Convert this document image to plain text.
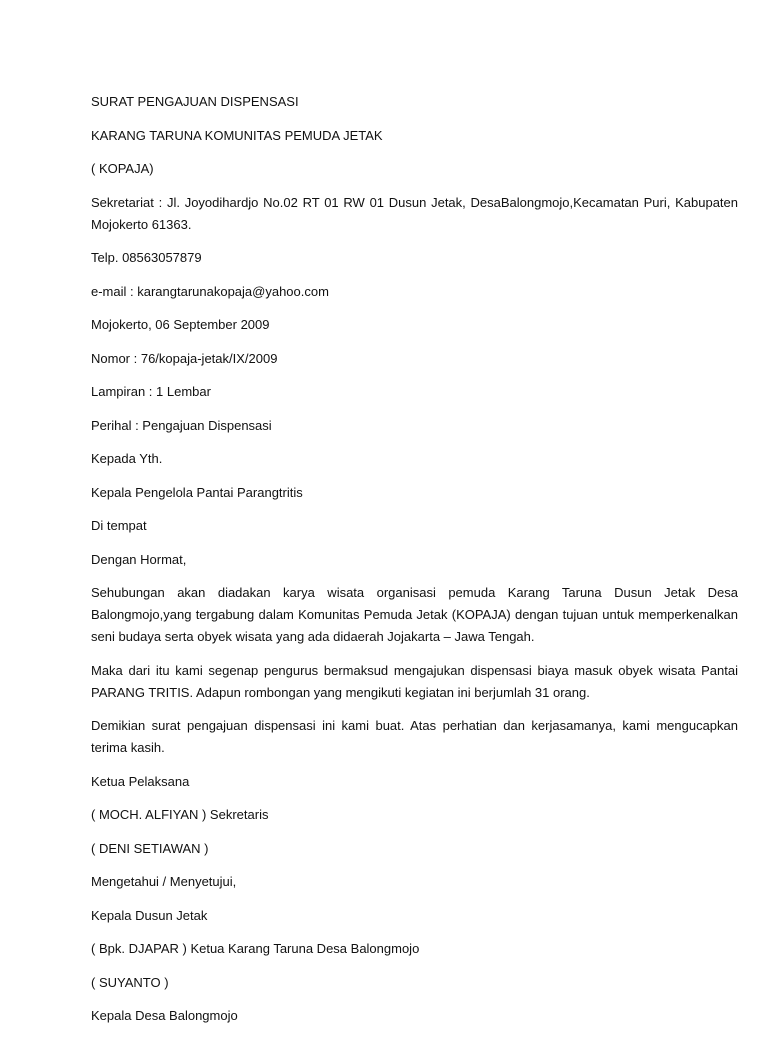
SURAT PENGAJUAN DISPENSASI
KARANG TARUNA KOMUNITAS PEMUDA JETAK
( KOPAJA)
Sekretariat : Jl. Joyodihardjo No.02 RT 01 RW 01 Dusun Jetak, DesaBalongmojo,Kecamatan Puri, Kabupaten Mojokerto 61363.
Telp. 08563057879
e-mail : karangtarunakopaja@yahoo.com
Mojokerto, 06 September 2009
Nomor : 76/kopaja-jetak/IX/2009
Lampiran : 1 Lembar
Perihal : Pengajuan Dispensasi
Kepada Yth.
Kepala Pengelola Pantai Parangtritis
Di tempat
Dengan Hormat,
Sehubungan akan diadakan karya wisata organisasi pemuda Karang Taruna Dusun Jetak Desa Balongmojo,yang tergabung dalam Komunitas Pemuda Jetak (KOPAJA) dengan tujuan untuk memperkenalkan seni budaya serta obyek wisata yang ada didaerah Jojakarta – Jawa Tengah.
Maka dari itu kami segenap pengurus bermaksud mengajukan dispensasi biaya masuk obyek wisata Pantai PARANG TRITIS. Adapun rombongan yang mengikuti kegiatan ini berjumlah 31 orang.
Demikian surat pengajuan dispensasi ini kami buat. Atas perhatian dan kerjasamanya, kami mengucapkan terima kasih.
Ketua Pelaksana
( MOCH. ALFIYAN ) Sekretaris
( DENI SETIAWAN )
Mengetahui / Menyetujui,
Kepala Dusun Jetak
( Bpk. DJAPAR ) Ketua Karang Taruna Desa Balongmojo
( SUYANTO )
Kepala Desa Balongmojo
